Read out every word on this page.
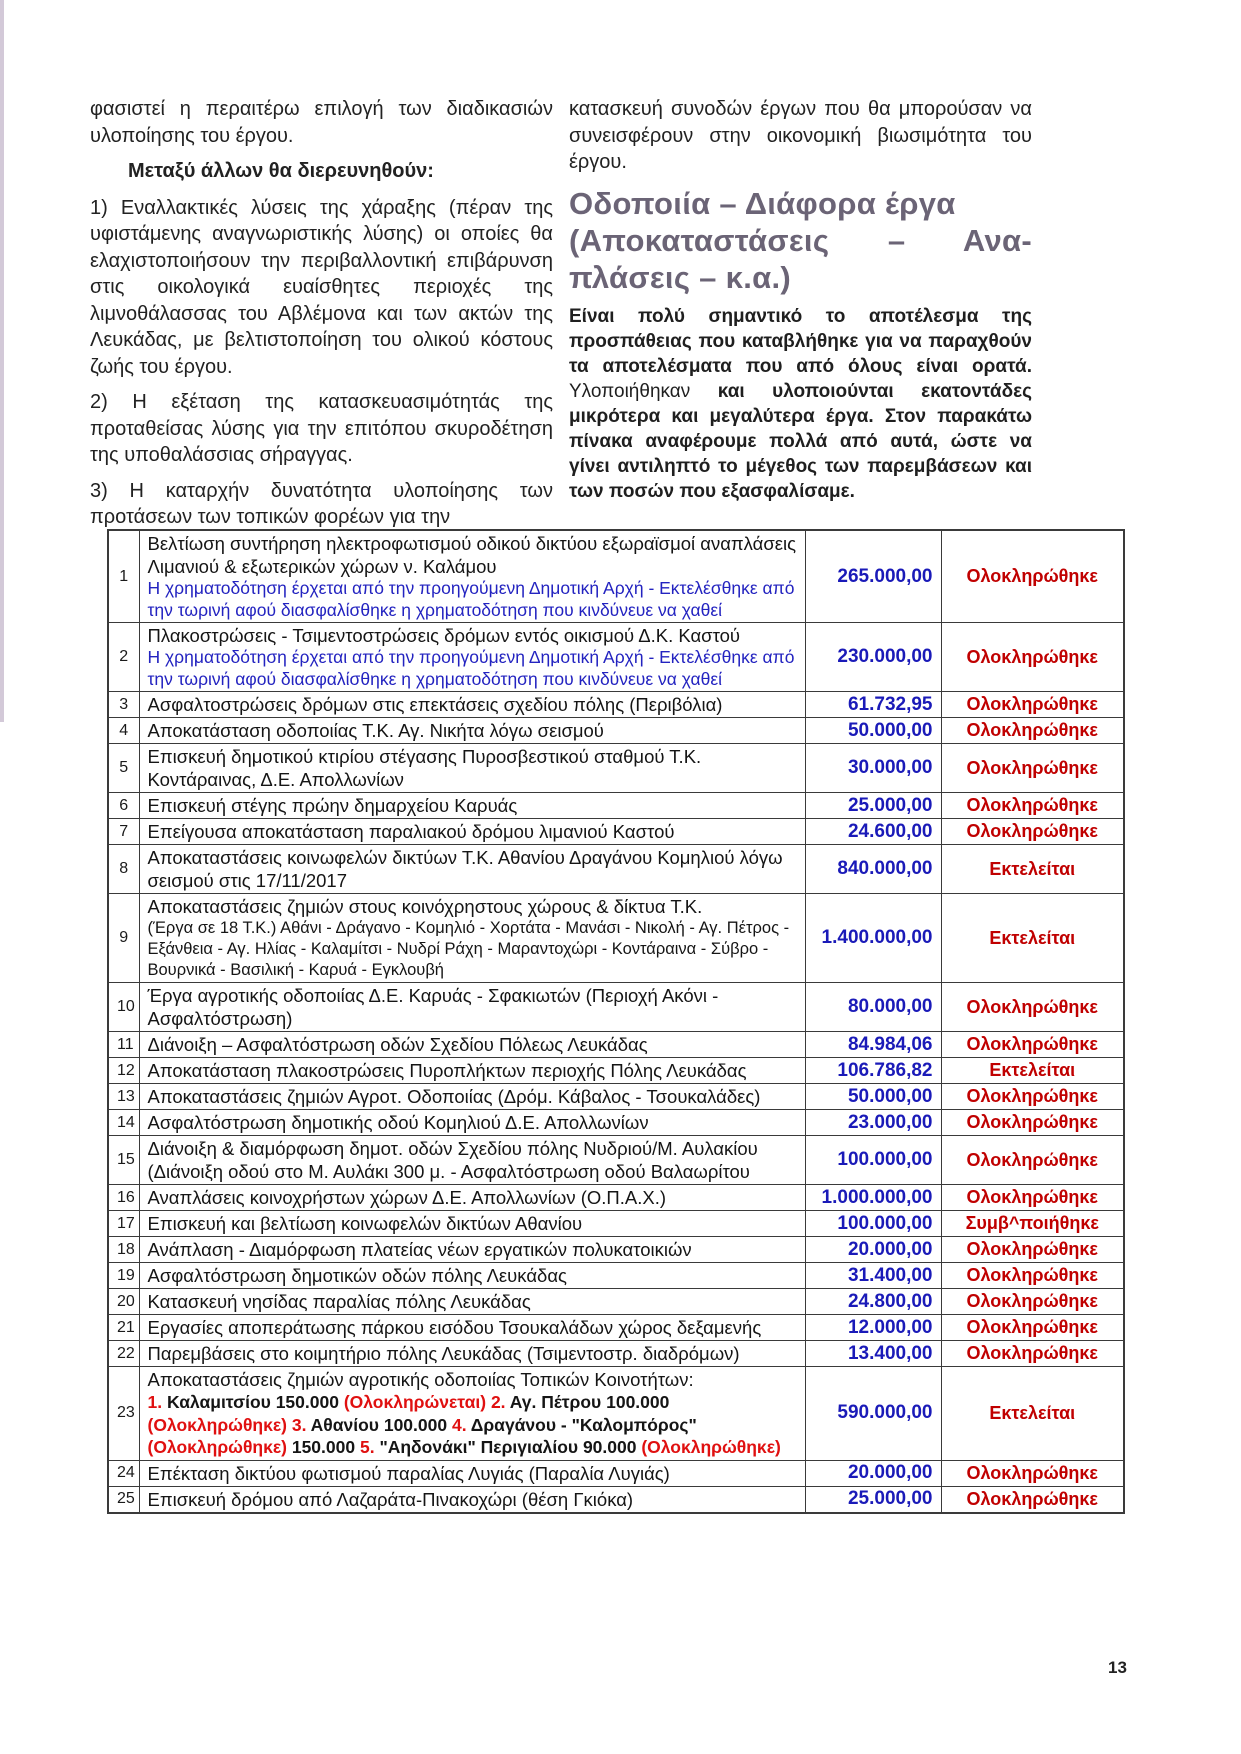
φασιστεί η περαιτέρω επιλογή των διαδικασιών υλοποίησης του έργου.

Μεταξύ άλλων θα διερευνηθούν:

1) Εναλλακτικές λύσεις της χάραξης (πέραν της υφιστάμενης αναγνωριστικής λύσης) οι οποίες θα ελαχιστοποιήσουν την περιβαλλοντική επιβάρυνση στις οικολογικά ευαίσθητες περιοχές της λιμνοθάλασσας του Αβλέμονα και των ακτών της Λευκάδας, με βελτιστοποίηση του ολικού κόστους ζωής του έργου.

2) Η εξέταση της κατασκευασιμότητάς της προταθείσας λύσης για την επιτόπου σκυροδέτηση της υποθαλάσσιας σήραγγας.

3) Η καταρχήν δυνατότητα υλοποίησης των προτάσεων των τοπικών φορέων για την

κατασκευή συνοδών έργων που θα μπορούσαν να συνεισφέρουν στην οικονομική βιωσιμότητα του έργου.

Οδοποιία – Διάφορα έργα
(Αποκαταστάσεις – Ανα-
πλάσεις – κ.α.)

Είναι πολύ σημαντικό το αποτέλεσμα της προσπάθειας που καταβλήθηκε για να παραχθούν τα αποτελέσματα που από όλους είναι ορατά. Υλοποιήθηκαν και υλοποιούνται εκατοντάδες μικρότερα και μεγαλύτερα έργα. Στον παρακάτω πίνακα αναφέρουμε πολλά από αυτά, ώστε να γίνει αντιληπτό το μέγεθος των παρεμβάσεων και των ποσών που εξασφαλίσαμε.

1	Βελτίωση συντήρηση ηλεκτροφωτισμού οδικού δικτύου εξωραϊσμοί αναπλάσεις Λιμανιού & εξωτερικών χώρων ν. Καλάμου
Η χρηματοδότηση έρχεται από την προηγούμενη Δημοτική Αρχή - Εκτελέσθηκε από την τωρινή αφού διασφαλίσθηκε η χρηματοδότηση που κινδύνευε να χαθεί	265.000,00	Ολοκληρώθηκε
2	Πλακοστρώσεις - Τσιμεντοστρώσεις δρόμων εντός οικισμού Δ.Κ. Καστού
Η χρηματοδότηση έρχεται από την προηγούμενη Δημοτική Αρχή - Εκτελέσθηκε από την τωρινή αφού διασφαλίσθηκε η χρηματοδότηση που κινδύνευε να χαθεί	230.000,00	Ολοκληρώθηκε
3	Ασφαλτοστρώσεις δρόμων στις επεκτάσεις σχεδίου πόλης (Περιβόλια)	61.732,95	Ολοκληρώθηκε
4	Αποκατάσταση οδοποιίας Τ.Κ. Αγ. Νικήτα λόγω σεισμού	50.000,00	Ολοκληρώθηκε
5	Επισκευή δημοτικού κτιρίου στέγασης Πυροσβεστικού σταθμού Τ.Κ. Κοντάραινας, Δ.Ε. Απολλωνίων	30.000,00	Ολοκληρώθηκε
6	Επισκευή στέγης πρώην δημαρχείου Καρυάς	25.000,00	Ολοκληρώθηκε
7	Επείγουσα αποκατάσταση παραλιακού δρόμου λιμανιού Καστού	24.600,00	Ολοκληρώθηκε
8	Αποκαταστάσεις κοινωφελών δικτύων Τ.Κ. Αθανίου Δραγάνου Κομηλιού λόγω σεισμού στις 17/11/2017	840.000,00	Εκτελείται
9	Αποκαταστάσεις ζημιών στους κοινόχρηστους χώρους & δίκτυα Τ.Κ.
(Έργα σε 18 Τ.Κ.) Αθάνι - Δράγανο - Κομηλιό - Χορτάτα - Μανάσι - Νικολή - Αγ. Πέτρος - Εξάνθεια - Αγ. Ηλίας - Καλαμίτσι - Νυδρί Ράχη - Μαραντοχώρι - Κοντάραινα - Σύβρο - Βουρνικά - Βασιλική - Καρυά - Εγκλουβή	1.400.000,00	Εκτελείται
10	Έργα αγροτικής οδοποιίας Δ.Ε. Καρυάς - Σφακιωτών (Περιοχή Ακόνι - Ασφαλτόστρωση)	80.000,00	Ολοκληρώθηκε
11	Διάνοιξη – Ασφαλτόστρωση οδών Σχεδίου Πόλεως Λευκάδας	84.984,06	Ολοκληρώθηκε
12	Αποκατάσταση πλακοστρώσεις Πυροπλήκτων περιοχής Πόλης Λευκάδας	106.786,82	Εκτελείται
13	Αποκαταστάσεις ζημιών Αγροτ. Οδοποιίας (Δρόμ. Κάβαλος - Τσουκαλάδες)	50.000,00	Ολοκληρώθηκε
14	Ασφαλτόστρωση δημοτικής οδού Κομηλιού Δ.Ε. Απολλωνίων	23.000,00	Ολοκληρώθηκε
15	Διάνοιξη & διαμόρφωση δημοτ. οδών Σχεδίου πόλης Νυδριού/Μ. Αυλακίου (Διάνοιξη οδού στο Μ. Αυλάκι 300 μ. - Ασφαλτόστρωση οδού Βαλαωρίτου	100.000,00	Ολοκληρώθηκε
16	Αναπλάσεις κοινοχρήστων χώρων Δ.Ε. Απολλωνίων (Ο.Π.Α.Χ.)	1.000.000,00	Ολοκληρώθηκε
17	Επισκευή και βελτίωση κοινωφελών δικτύων Αθανίου	100.000,00	Συμβ^ποιήθηκε
18	Ανάπλαση - Διαμόρφωση πλατείας νέων εργατικών πολυκατοικιών	20.000,00	Ολοκληρώθηκε
19	Ασφαλτόστρωση δημοτικών οδών πόλης Λευκάδας	31.400,00	Ολοκληρώθηκε
20	Κατασκευή νησίδας παραλίας πόλης Λευκάδας	24.800,00	Ολοκληρώθηκε
21	Εργασίες αποπεράτωσης πάρκου εισόδου Τσουκαλάδων χώρος δεξαμενής	12.000,00	Ολοκληρώθηκε
22	Παρεμβάσεις στο κοιμητήριο πόλης Λευκάδας (Τσιμεντοστρ. διαδρόμων)	13.400,00	Ολοκληρώθηκε
23	Αποκαταστάσεις ζημιών αγροτικής οδοποιίας Τοπικών Κοινοτήτων:
1. Καλαμιτσίου 150.000 (Ολοκληρώνεται) 2. Αγ. Πέτρου 100.000 (Ολοκληρώθηκε) 3. Αθανίου 100.000 4. Δραγάνου - "Καλομπόρος" (Ολοκληρώθηκε) 150.000 5. "Αηδονάκι" Περιγιαλίου 90.000 (Ολοκληρώθηκε)	590.000,00	Εκτελείται
24	Επέκταση δικτύου φωτισμού παραλίας Λυγιάς (Παραλία Λυγιάς)	20.000,00	Ολοκληρώθηκε
25	Επισκευή δρόμου από Λαζαράτα-Πινακοχώρι (θέση Γκιόκα)	25.000,00	Ολοκληρώθηκε
13
